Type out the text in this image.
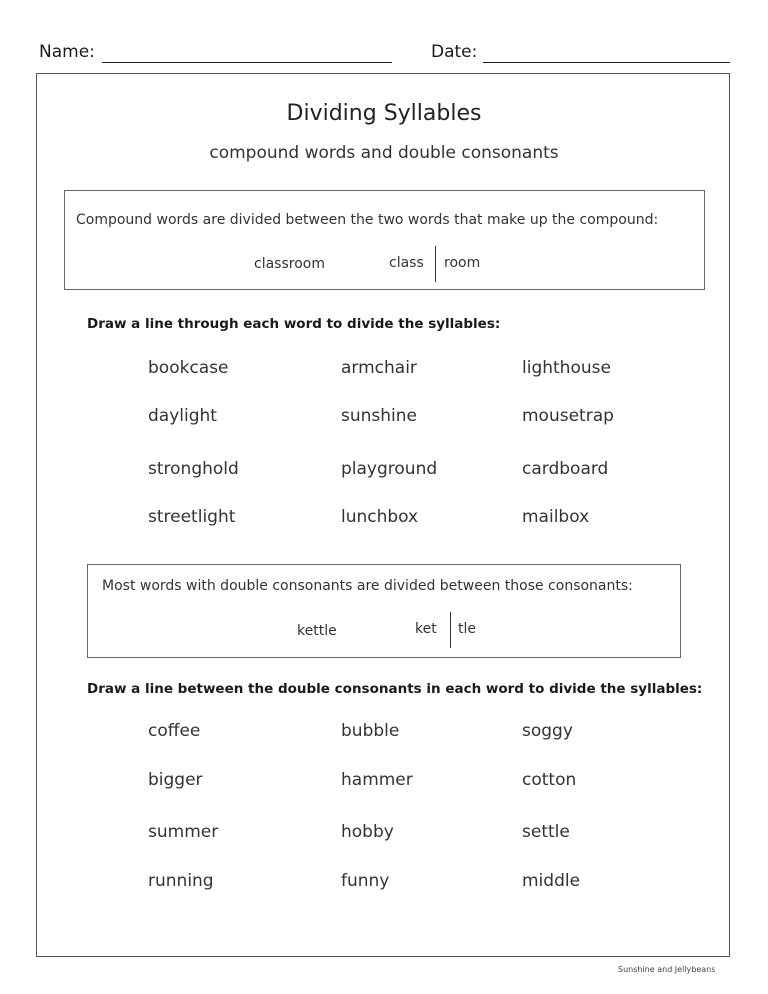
Name:	Date:
Dividing Syllables
compound words and double consonants
Compound words are divided between the two words that make up the compound:
classroom	class room
Draw a line through each word to divide the syllables:
bookcase	armchair	lighthouse
daylight	sunshine	mousetrap
stronghold	playground	cardboard
streetlight	lunchbox	mailbox
Most words with double consonants are divided between those consonants:
kettle	ket tle
Draw a line between the double consonants in each word to divide the syllables:
coffee	bubble	soggy
bigger	hammer	cotton
summer	hobby	settle
running	funny	middle
Sunshine and Jellybeans
